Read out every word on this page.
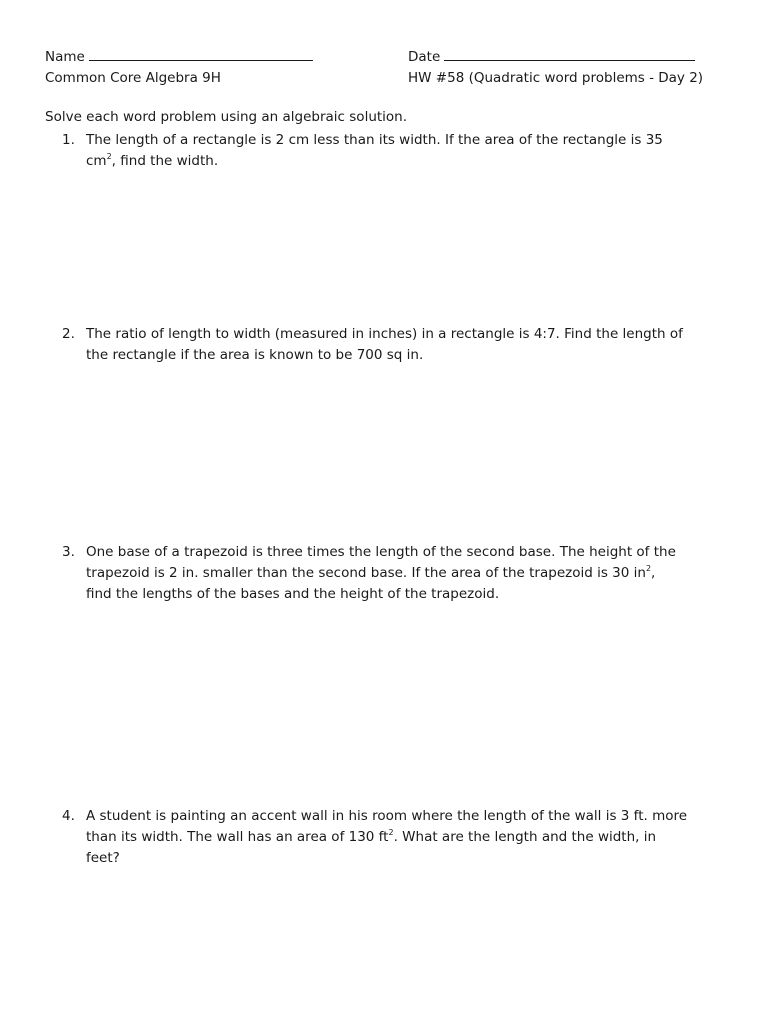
Name	Date
Common Core Algebra 9H	HW #58 (Quadratic word problems - Day 2)
Solve each word problem using an algebraic solution.
1. The length of a rectangle is 2 cm less than its width. If the area of the rectangle is 35
$cm^2$, find the width.
2. The ratio of length to width (measured in inches) in a rectangle is 4:7. Find the length of
the rectangle if the area is known to be 700 sq in.
3. One base of a trapezoid is three times the length of the second base. The height of the
trapezoid is 2 in. smaller than the second base. If the area of the trapezoid is 30 $in^2$,
find the lengths of the bases and the height of the trapezoid.
4. A student is painting an accent wall in his room where the length of the wall is 3 ft. more
than its width. The wall has an area of 130 $ft^2$. What are the length and the width, in
feet?
